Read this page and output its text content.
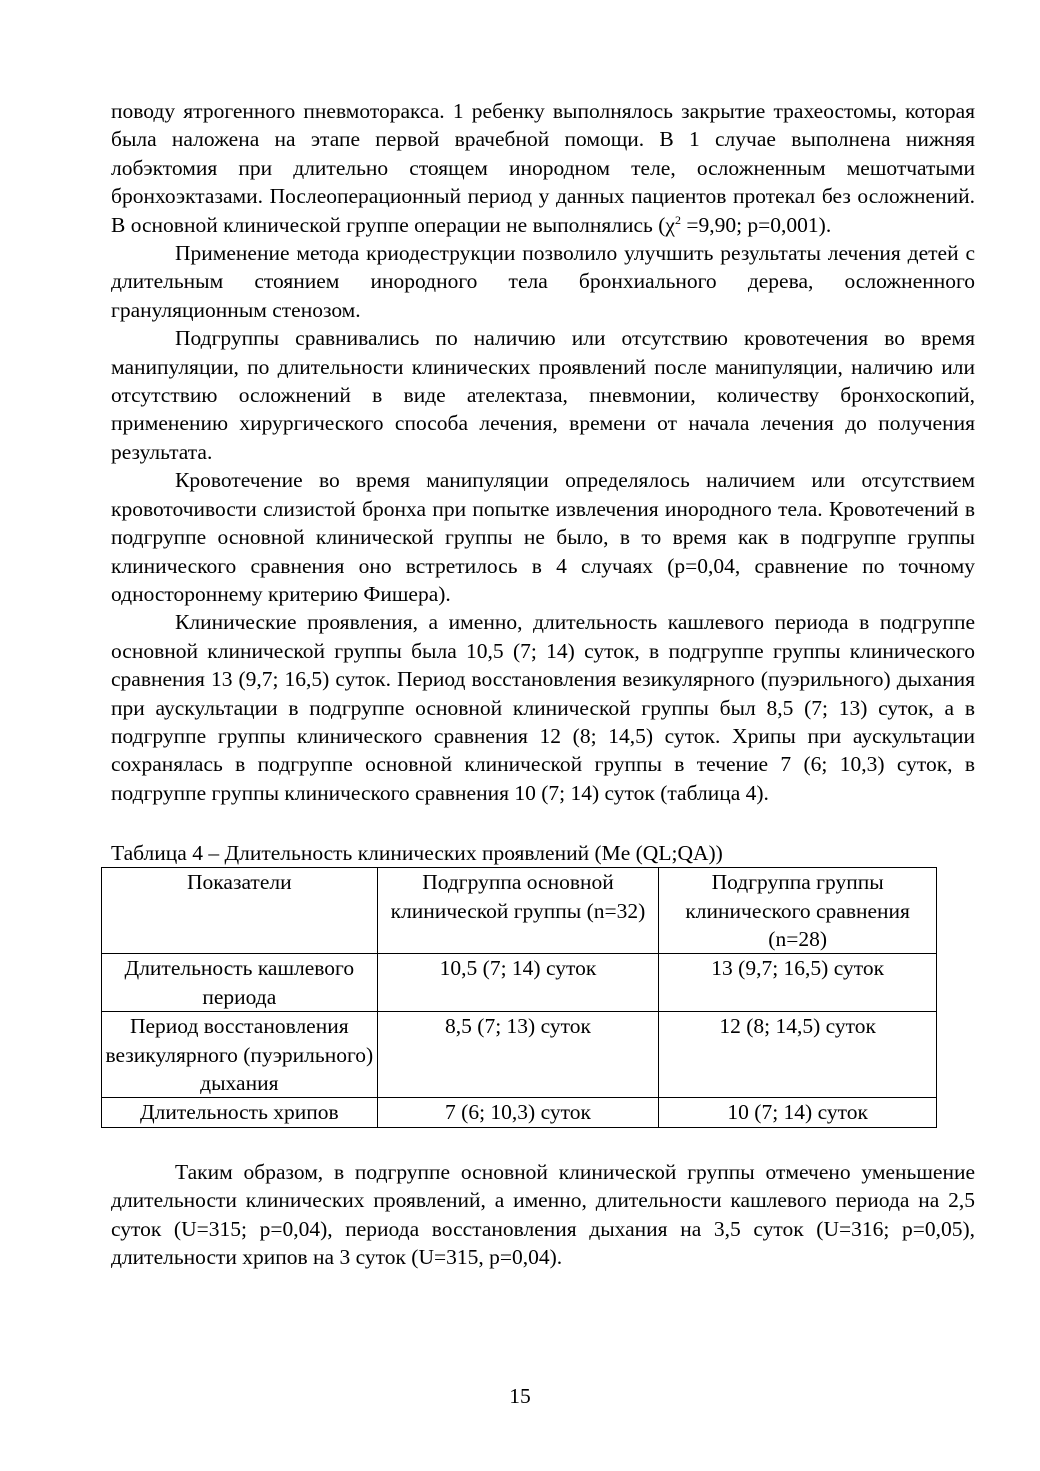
поводу ятрогенного пневмоторакса. 1 ребенку выполнялось закрытие трахеостомы, которая была наложена на этапе первой врачебной помощи. В 1 случае выполнена нижняя лобэктомия при длительно стоящем инородном теле, осложненным мешотчатыми бронхоэктазами. Послеоперационный период у данных пациентов протекал без осложнений. В основной клинической группе операции не выполнялись ($\chi^2 =9,90$; p=0,001).

Применение метода криодеструкции позволило улучшить результаты лечения детей с длительным стоянием инородного тела бронхиального дерева, осложненного грануляционным стенозом.

Подгруппы сравнивались по наличию или отсутствию кровотечения во время манипуляции, по длительности клинических проявлений после манипуляции, наличию или отсутствию осложнений в виде ателектаза, пневмонии, количеству бронхоскопий, применению хирургического способа лечения, времени от начала лечения до получения результата.

Кровотечение во время манипуляции определялось наличием или отсутствием кровоточивости слизистой бронха при попытке извлечения инородного тела. Кровотечений в подгруппе основной клинической группы не было, в то время как в подгруппе группы клинического сравнения оно встретилось в 4 случаях (р=0,04, сравнение по точному одностороннему критерию Фишера).

Клинические проявления, а именно, длительность кашлевого периода в подгруппе основной клинической группы была 10,5 (7; 14) суток, в подгруппе группы клинического сравнения 13 (9,7; 16,5) суток. Период восстановления везикулярного (пуэрильного) дыхания при аускультации в подгруппе основной клинической группы был 8,5 (7; 13) суток, а в подгруппе группы клинического сравнения 12 (8; 14,5) суток. Хрипы при аускультации сохранялась в подгруппе основной клинической группы в течение 7 (6; 10,3) суток, в подгруппе группы клинического сравнения 10 (7; 14) суток (таблица 4).

Таблица 4 – Длительность клинических проявлений (Me (QL;QA))
Показатели	Подгруппа основной клинической группы (n=32)	Подгруппа группы клинического сравнения (n=28)
Длительность кашлевого периода	10,5 (7; 14) суток	13 (9,7; 16,5) суток
Период восстановления везикулярного (пуэрильного) дыхания	8,5 (7; 13) суток	12 (8; 14,5) суток
Длительность хрипов	7 (6; 10,3) суток	10 (7; 14) суток

Таким образом, в подгруппе основной клинической группы отмечено уменьшение длительности клинических проявлений, а именно, длительности кашлевого периода на 2,5 суток (U=315; р=0,04), периода восстановления дыхания на 3,5 суток (U=316; р=0,05), длительности хрипов на 3 суток (U=315, р=0,04).

15
